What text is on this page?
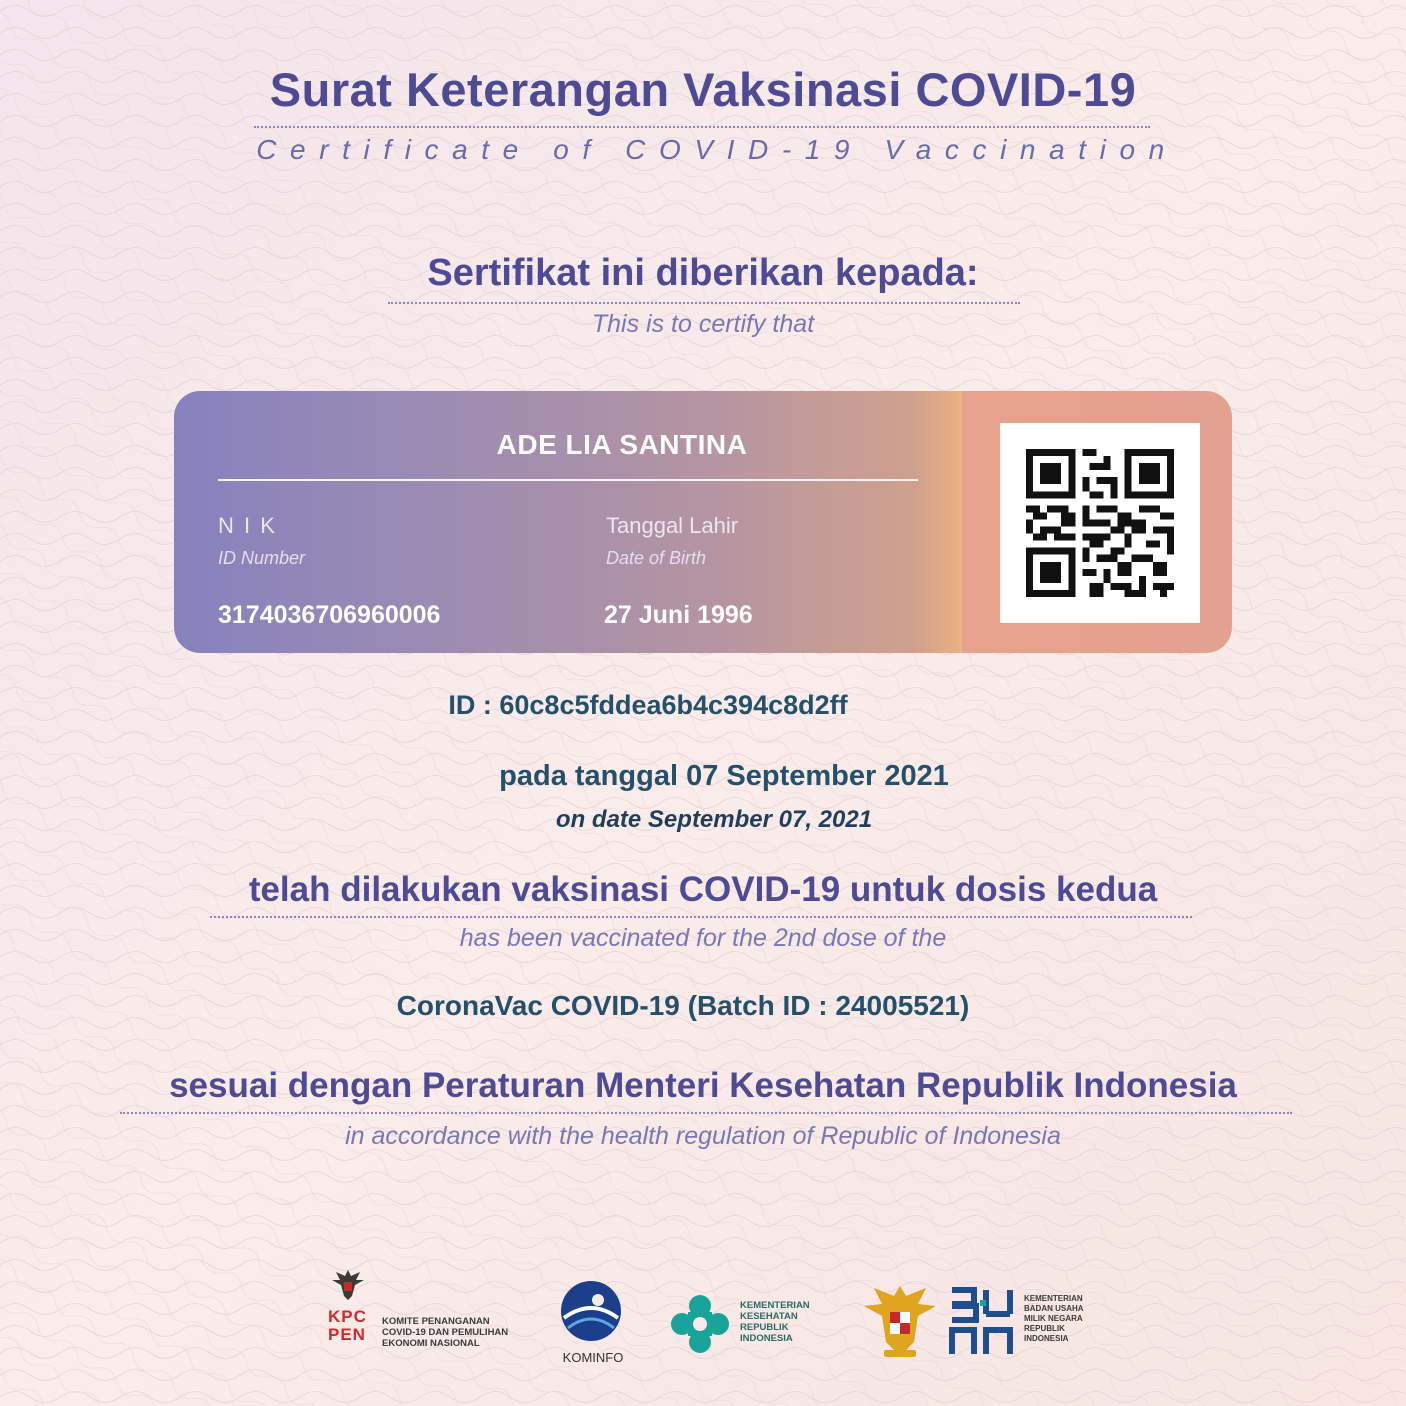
Surat Keterangan Vaksinasi COVID-19
Certificate of COVID-19 Vaccination
Sertifikat ini diberikan kepada:
This is to certify that
ADE LIA SANTINA
N I K
ID Number
3174036706960006
Tanggal Lahir
Date of Birth
27 Juni 1996
ID : 60c8c5fddea6b4c394c8d2ff
pada tanggal 07 September 2021
on date September 07, 2021
telah dilakukan vaksinasi COVID-19 untuk dosis kedua
has been vaccinated for the 2nd dose of the
CoronaVac COVID-19 (Batch ID : 24005521)
sesuai dengan Peraturan Menteri Kesehatan Republik Indonesia
in accordance with the health regulation of Republic of Indonesia
KPC
PEN
KOMITE PENANGANAN
COVID-19 DAN PEMULIHAN
EKONOMI NASIONAL
KOMINFO
KEMENTERIAN
KESEHATAN
REPUBLIK
INDONESIA
KEMENTERIAN
BADAN USAHA
MILIK NEGARA
REPUBLIK
INDONESIA
